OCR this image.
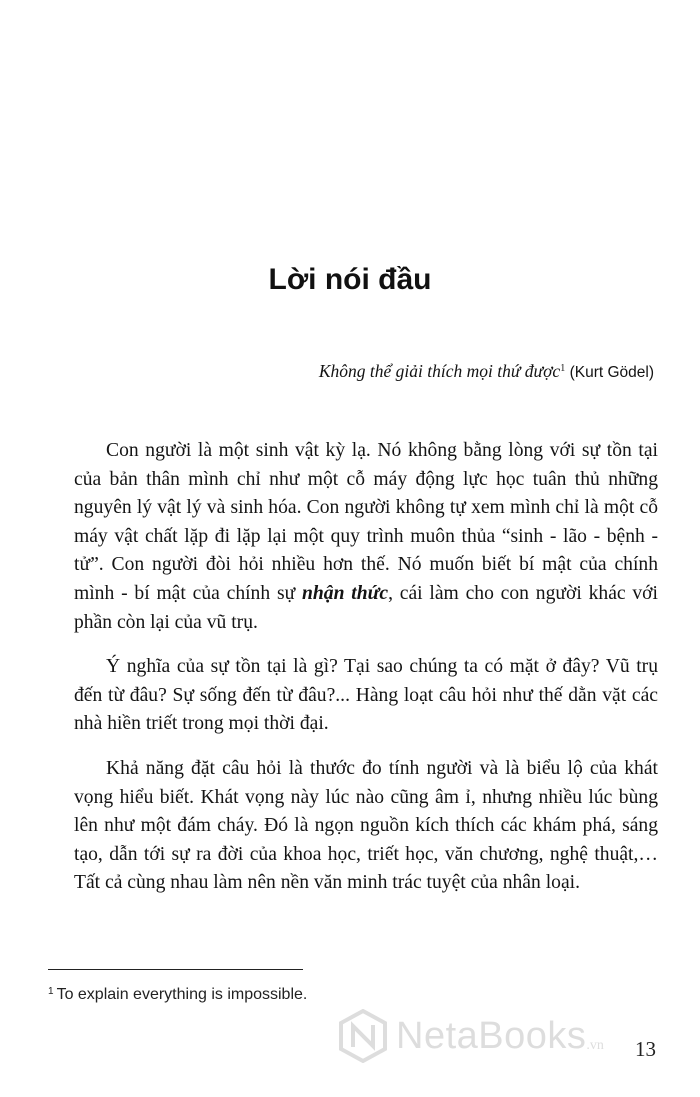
Lời nói đầu
Không thể giải thích mọi thứ được$^1$ (Kurt Gödel)

Con người là một sinh vật kỳ lạ. Nó không bằng lòng với sự tồn tại của bản thân mình chỉ như một cỗ máy động lực học tuân thủ những nguyên lý vật lý và sinh hóa. Con người không tự xem mình chỉ là một cỗ máy vật chất lặp đi lặp lại một quy trình muôn thủa “sinh - lão - bệnh - tử”. Con người đòi hỏi nhiều hơn thế. Nó muốn biết bí mật của chính mình - bí mật của chính sự nhận thức, cái làm cho con người khác với phần còn lại của vũ trụ.

Ý nghĩa của sự tồn tại là gì? Tại sao chúng ta có mặt ở đây? Vũ trụ đến từ đâu? Sự sống đến từ đâu?... Hàng loạt câu hỏi như thế dằn vặt các nhà hiền triết trong mọi thời đại.

Khả năng đặt câu hỏi là thước đo tính người và là biểu lộ của khát vọng hiểu biết. Khát vọng này lúc nào cũng âm ỉ, nhưng nhiều lúc bùng lên như một đám cháy. Đó là ngọn nguồn kích thích các khám phá, sáng tạo, dẫn tới sự ra đời của khoa học, triết học, văn chương, nghệ thuật,… Tất cả cùng nhau làm nên nền văn minh trác tuyệt của nhân loại.

$^1$ To explain everything is impossible.
NetaBooks .vn 13
